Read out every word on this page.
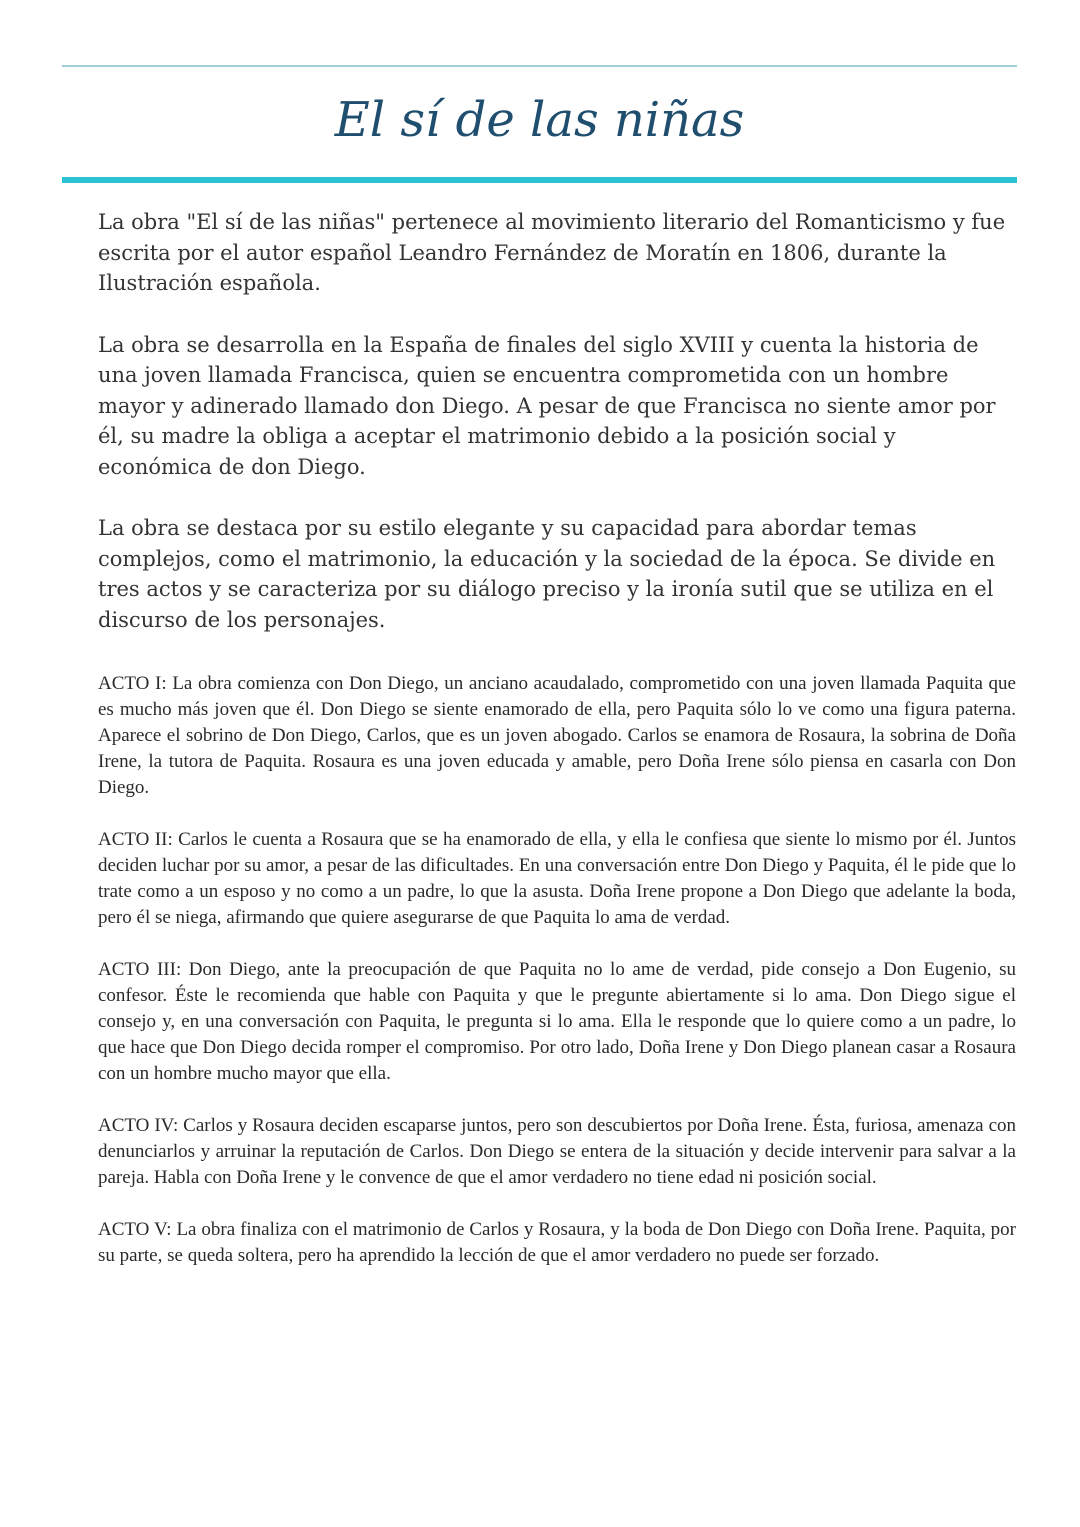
El sí de las niñas

La obra "El sí de las niñas" pertenece al movimiento literario del Romanticismo y fue escrita por el autor español Leandro Fernández de Moratín en 1806, durante la Ilustración española.

La obra se desarrolla en la España de finales del siglo XVIII y cuenta la historia de una joven llamada Francisca, quien se encuentra comprometida con un hombre mayor y adinerado llamado don Diego. A pesar de que Francisca no siente amor por él, su madre la obliga a aceptar el matrimonio debido a la posición social y económica de don Diego.

La obra se destaca por su estilo elegante y su capacidad para abordar temas complejos, como el matrimonio, la educación y la sociedad de la época. Se divide en tres actos y se caracteriza por su diálogo preciso y la ironía sutil que se utiliza en el discurso de los personajes.

ACTO I: La obra comienza con Don Diego, un anciano acaudalado, comprometido con una joven llamada Paquita que es mucho más joven que él. Don Diego se siente enamorado de ella, pero Paquita sólo lo ve como una figura paterna. Aparece el sobrino de Don Diego, Carlos, que es un joven abogado. Carlos se enamora de Rosaura, la sobrina de Doña Irene, la tutora de Paquita. Rosaura es una joven educada y amable, pero Doña Irene sólo piensa en casarla con Don Diego.

ACTO II: Carlos le cuenta a Rosaura que se ha enamorado de ella, y ella le confiesa que siente lo mismo por él. Juntos deciden luchar por su amor, a pesar de las dificultades. En una conversación entre Don Diego y Paquita, él le pide que lo trate como a un esposo y no como a un padre, lo que la asusta. Doña Irene propone a Don Diego que adelante la boda, pero él se niega, afirmando que quiere asegurarse de que Paquita lo ama de verdad.

ACTO III: Don Diego, ante la preocupación de que Paquita no lo ame de verdad, pide consejo a Don Eugenio, su confesor. Éste le recomienda que hable con Paquita y que le pregunte abiertamente si lo ama. Don Diego sigue el consejo y, en una conversación con Paquita, le pregunta si lo ama. Ella le responde que lo quiere como a un padre, lo que hace que Don Diego decida romper el compromiso. Por otro lado, Doña Irene y Don Diego planean casar a Rosaura con un hombre mucho mayor que ella.

ACTO IV: Carlos y Rosaura deciden escaparse juntos, pero son descubiertos por Doña Irene. Ésta, furiosa, amenaza con denunciarlos y arruinar la reputación de Carlos. Don Diego se entera de la situación y decide intervenir para salvar a la pareja. Habla con Doña Irene y le convence de que el amor verdadero no tiene edad ni posición social.

ACTO V: La obra finaliza con el matrimonio de Carlos y Rosaura, y la boda de Don Diego con Doña Irene. Paquita, por su parte, se queda soltera, pero ha aprendido la lección de que el amor verdadero no puede ser forzado.
